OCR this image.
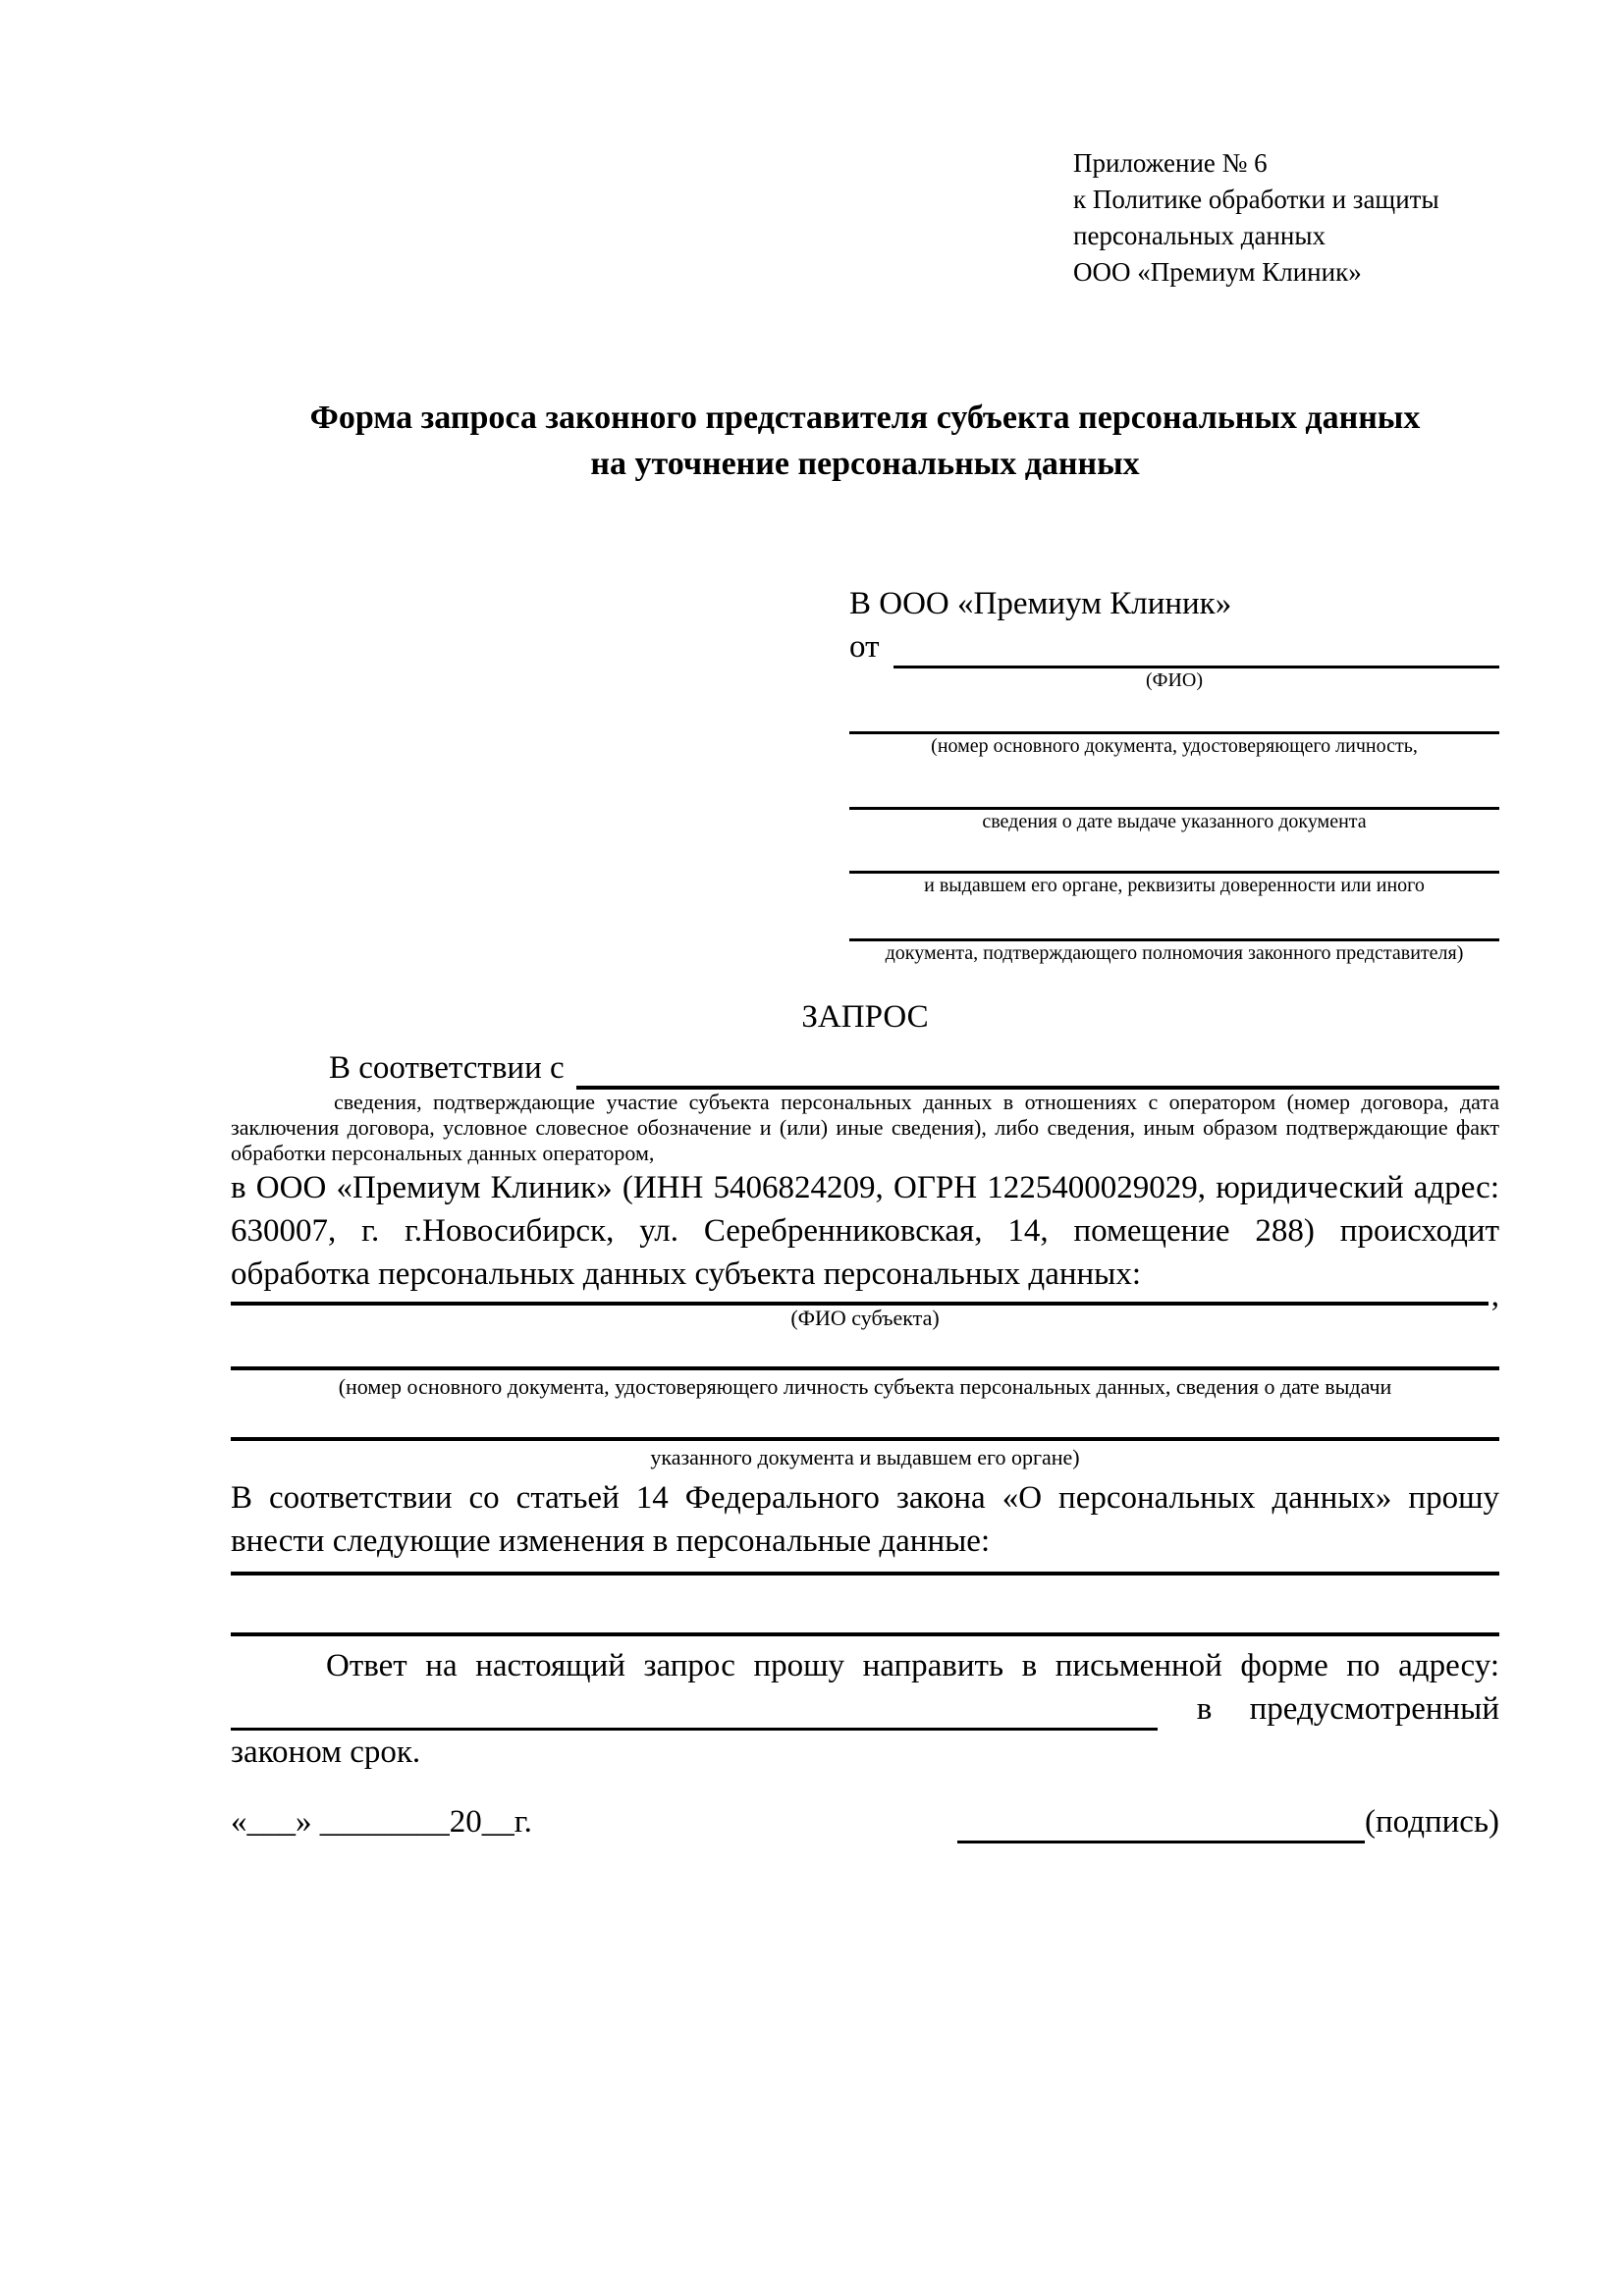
Приложение № 6
к Политике обработки и защиты
персональных данных
ООО «Премиум Клиник»
Форма запроса законного представителя субъекта персональных данных
на уточнение персональных данных
В ООО «Премиум Клиник»
от
(ФИО)
(номер основного документа, удостоверяющего личность,
сведения о дате выдаче указанного документа
и выдавшем его органе, реквизиты доверенности или иного
документа, подтверждающего полномочия законного представителя)
ЗАПРОС
В соответствии с
сведения, подтверждающие участие субъекта персональных данных в отношениях с оператором (номер договора, дата
заключения договора, условное словесное обозначение и (или) иные сведения), либо сведения, иным образом подтверждающие факт
обработки персональных данных оператором,
в ООО «Премиум Клиник» (ИНН 5406824209, ОГРН 1225400029029, юридический адрес:
630007, г. г.Новосибирск, ул. Серебренниковская, 14, помещение 288) происходит
обработка персональных данных субъекта персональных данных:
,
(ФИО субъекта)
(номер основного документа, удостоверяющего личность субъекта персональных данных, сведения о дате выдачи
указанного документа и выдавшем его органе)
В соответствии со статьей 14 Федерального закона «О персональных данных» прошу
внести следующие изменения в персональные данные:
Ответ на настоящий запрос прошу направить в письменной форме по адресу:
в предусмотренный
законом срок.
«___» ________20__г.	(подпись)
